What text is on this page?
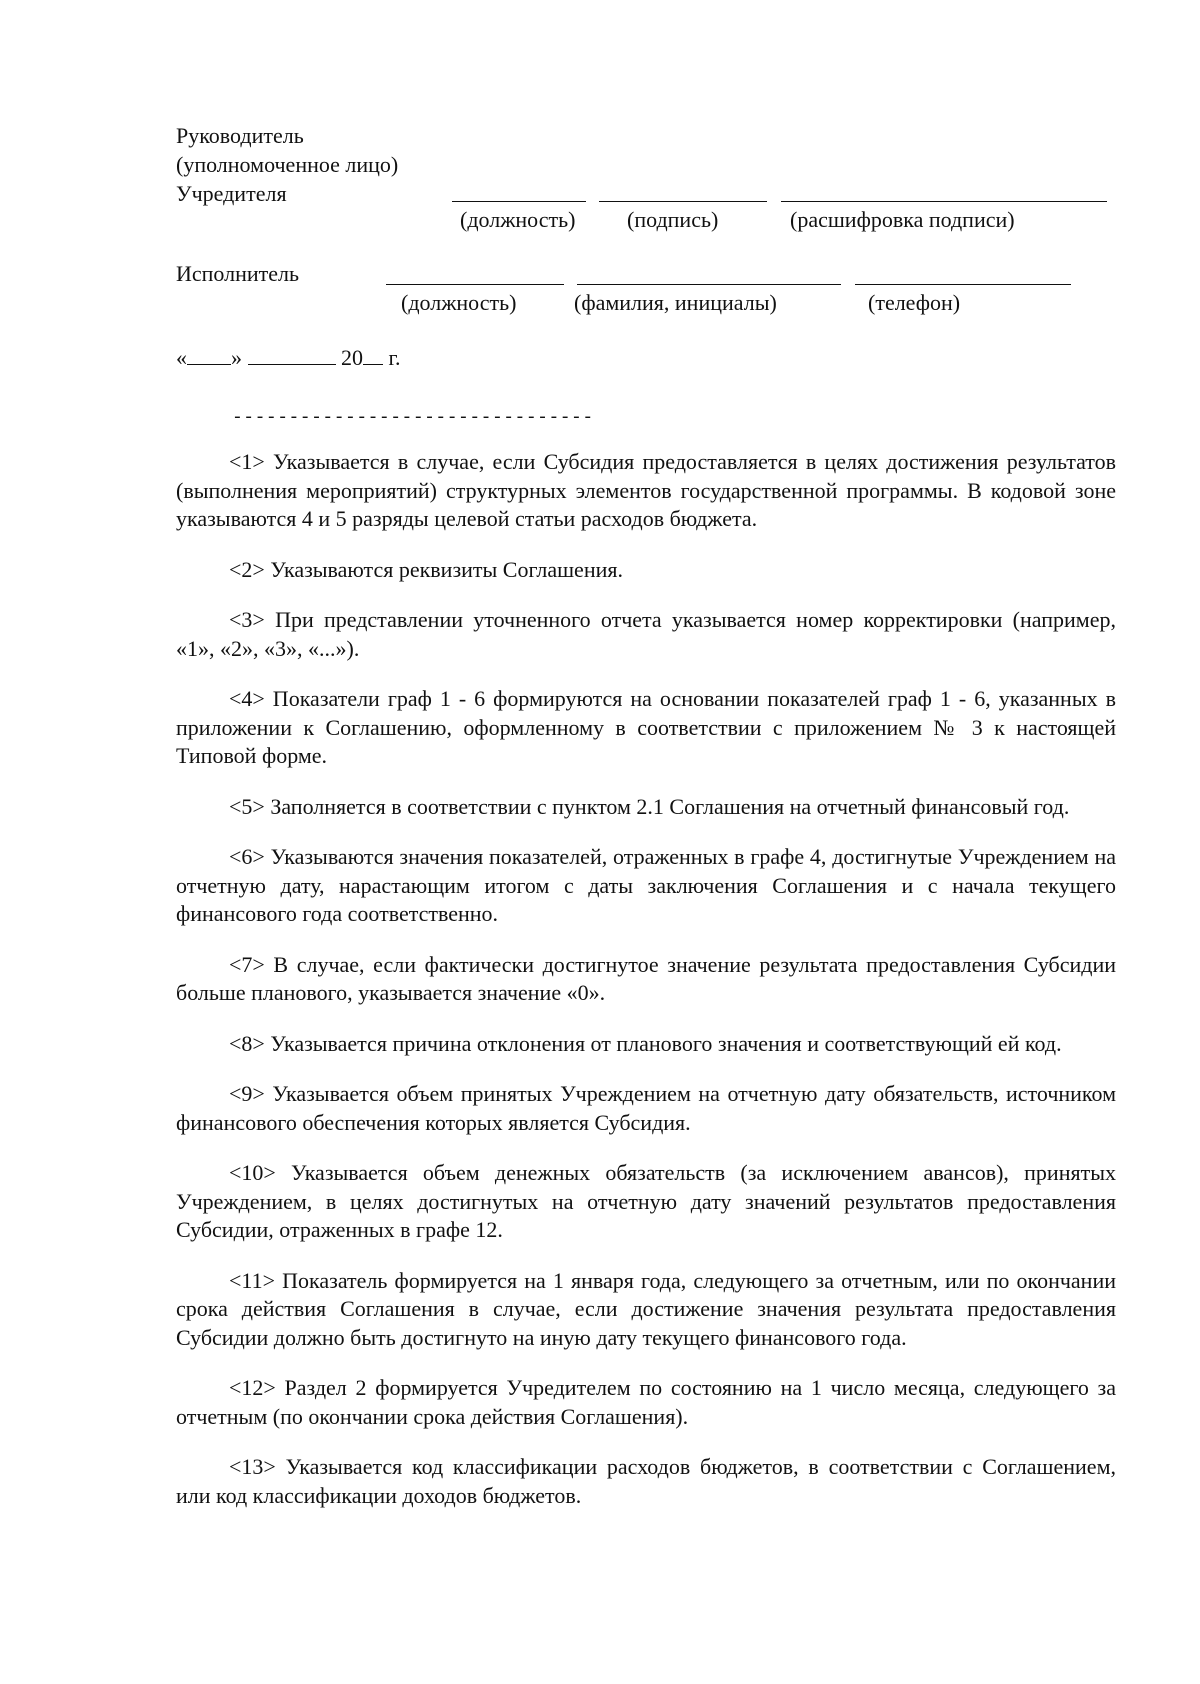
Руководитель
(уполномоченное лицо)
Учредителя
(должность) (подпись)	(расшифровка подписи)
Исполнитель
(должность)	(фамилия, инициалы)	(телефон)
« »	20 г.
--------------------------------

<1> Указывается в случае, если Субсидия предоставляется в целях достижения результатов (выполнения мероприятий) структурных элементов государственной программы. В кодовой зоне указываются 4 и 5 разряды целевой статьи расходов бюджета.

<2> Указываются реквизиты Соглашения.

<3> При представлении уточненного отчета указывается номер корректировки (например, «1», «2», «3», «...»).

<4> Показатели граф 1 - 6 формируются на основании показателей граф 1 - 6, указанных в приложении к Соглашению, оформленному в соответствии с приложением № 3 к настоящей Типовой форме.

<5> Заполняется в соответствии с пунктом 2.1 Соглашения на отчетный финансовый год.

<6> Указываются значения показателей, отраженных в графе 4, достигнутые Учреждением на отчетную дату, нарастающим итогом с даты заключения Соглашения и с начала текущего финансового года соответственно.

<7> В случае, если фактически достигнутое значение результата предоставления Субсидии больше планового, указывается значение «0».

<8> Указывается причина отклонения от планового значения и соответствующий ей код.

<9> Указывается объем принятых Учреждением на отчетную дату обязательств, источником финансового обеспечения которых является Субсидия.

<10> Указывается объем денежных обязательств (за исключением авансов), принятых Учреждением, в целях достигнутых на отчетную дату значений результатов предоставления Субсидии, отраженных в графе 12.

<11> Показатель формируется на 1 января года, следующего за отчетным, или по окончании срока действия Соглашения в случае, если достижение значения результата предоставления Субсидии должно быть достигнуто на иную дату текущего финансового года.

<12> Раздел 2 формируется Учредителем по состоянию на 1 число месяца, следующего за отчетным (по окончании срока действия Соглашения).

<13> Указывается код классификации расходов бюджетов, в соответствии с Соглашением, или код классификации доходов бюджетов.
